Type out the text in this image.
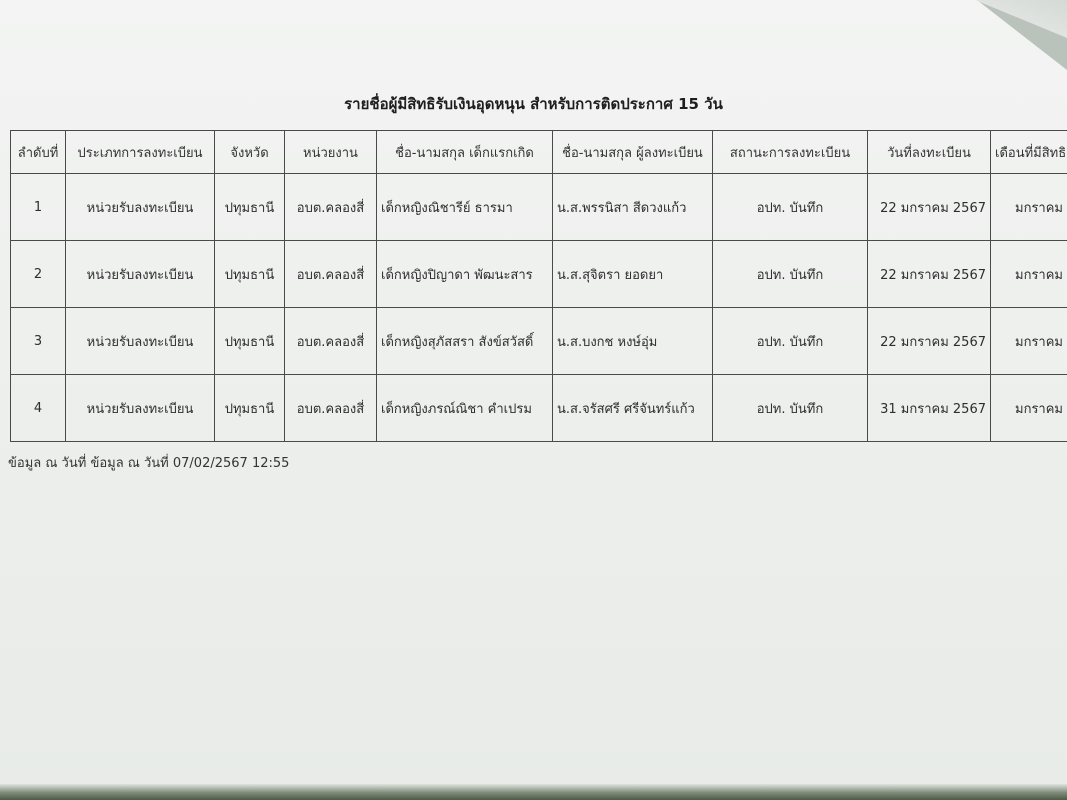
รายชื่อผู้มีสิทธิรับเงินอุดหนุน สำหรับการติดประกาศ 15 วัน
ลำดับที่	ประเภทการลงทะเบียน	จังหวัด	หน่วยงาน	ชื่อ-นามสกุล เด็กแรกเกิด	ชื่อ-นามสกุล ผู้ลงทะเบียน	สถานะการลงทะเบียน	วันที่ลงทะเบียน	เดือนที่มีสิทธิ
1	หน่วยรับลงทะเบียน	ปทุมธานี	อบต.คลองสี่	เด็กหญิงณิชารีย์ ธารมา	น.ส.พรรนิสา สีดวงแก้ว	อปท. บันทึก	22 มกราคม 2567	มกราคม
2	หน่วยรับลงทะเบียน	ปทุมธานี	อบต.คลองสี่	เด็กหญิงปิญาดา พัฒนะสาร	น.ส.สุจิตรา ยอดยา	อปท. บันทึก	22 มกราคม 2567	มกราคม
3	หน่วยรับลงทะเบียน	ปทุมธานี	อบต.คลองสี่	เด็กหญิงสุภัสสรา สังข์สวัสดิ์	น.ส.บงกช หงษ์อุ่ม	อปท. บันทึก	22 มกราคม 2567	มกราคม
4	หน่วยรับลงทะเบียน	ปทุมธานี	อบต.คลองสี่	เด็กหญิงภรณ์ณิชา คำเปรม	น.ส.จรัสศรี ศรีจันทร์แก้ว	อปท. บันทึก	31 มกราคม 2567	มกราคม
ข้อมูล ณ วันที่ ข้อมูล ณ วันที่ 07/02/2567 12:55
